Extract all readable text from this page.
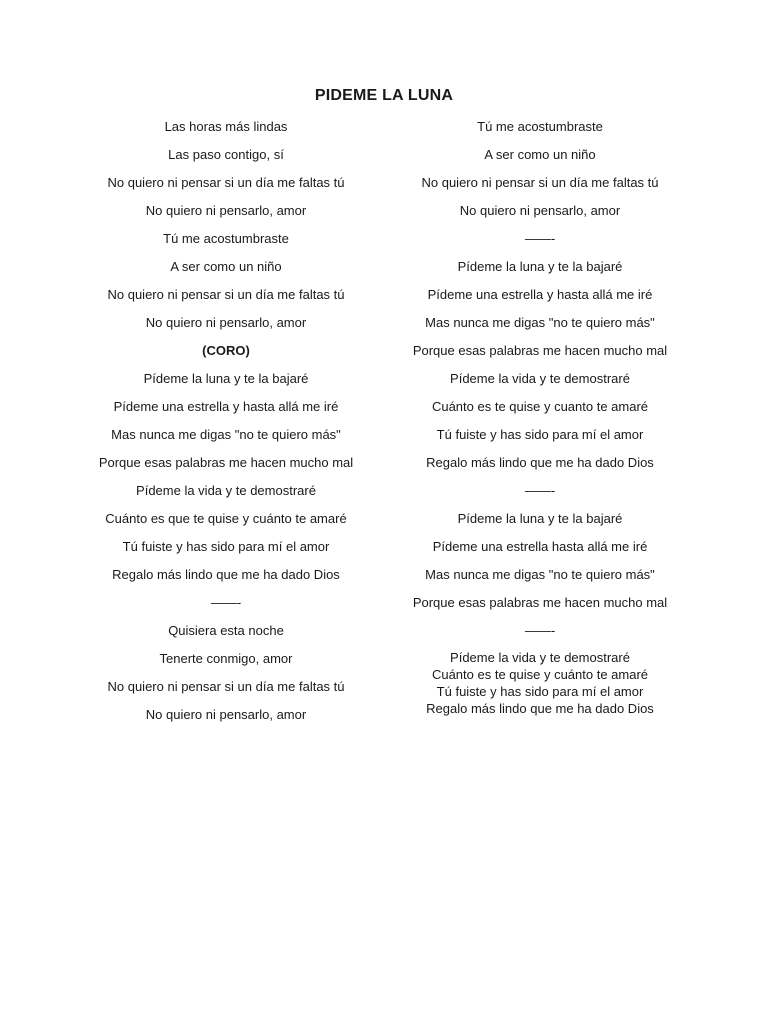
PIDEME LA LUNA
Las horas más lindas
Las paso contigo, sí
No quiero ni pensar si un día me faltas tú
No quiero ni pensarlo, amor
Tú me acostumbraste
A ser como un niño
No quiero ni pensar si un día me faltas tú
No quiero ni pensarlo, amor
(CORO)
Pídeme la luna y te la bajaré
Pídeme una estrella y hasta allá me iré
Mas nunca me digas "no te quiero más"
Porque esas palabras me hacen mucho mal
Pídeme la vida y te demostraré
Cuánto es que te quise y cuánto te amaré
Tú fuiste y has sido para mí el amor
Regalo más lindo que me ha dado Dios
——-
Quisiera esta noche
Tenerte conmigo, amor
No quiero ni pensar si un día me faltas tú
No quiero ni pensarlo, amor
Tú me acostumbraste
A ser como un niño
No quiero ni pensar si un día me faltas tú
No quiero ni pensarlo, amor
——-
Pídeme la luna y te la bajaré
Pídeme una estrella y hasta allá me iré
Mas nunca me digas "no te quiero más"
Porque esas palabras me hacen mucho mal
Pídeme la vida y te demostraré
Cuánto es te quise y cuanto te amaré
Tú fuiste y has sido para mí el amor
Regalo más lindo que me ha dado Dios
——-
Pídeme la luna y te la bajaré
Pídeme una estrella hasta allá me iré
Mas nunca me digas "no te quiero más"
Porque esas palabras me hacen mucho mal
——-
Pídeme la vida y te demostraré
Cuánto es te quise y cuánto te amaré
Tú fuiste y has sido para mí el amor
Regalo más lindo que me ha dado Dios
